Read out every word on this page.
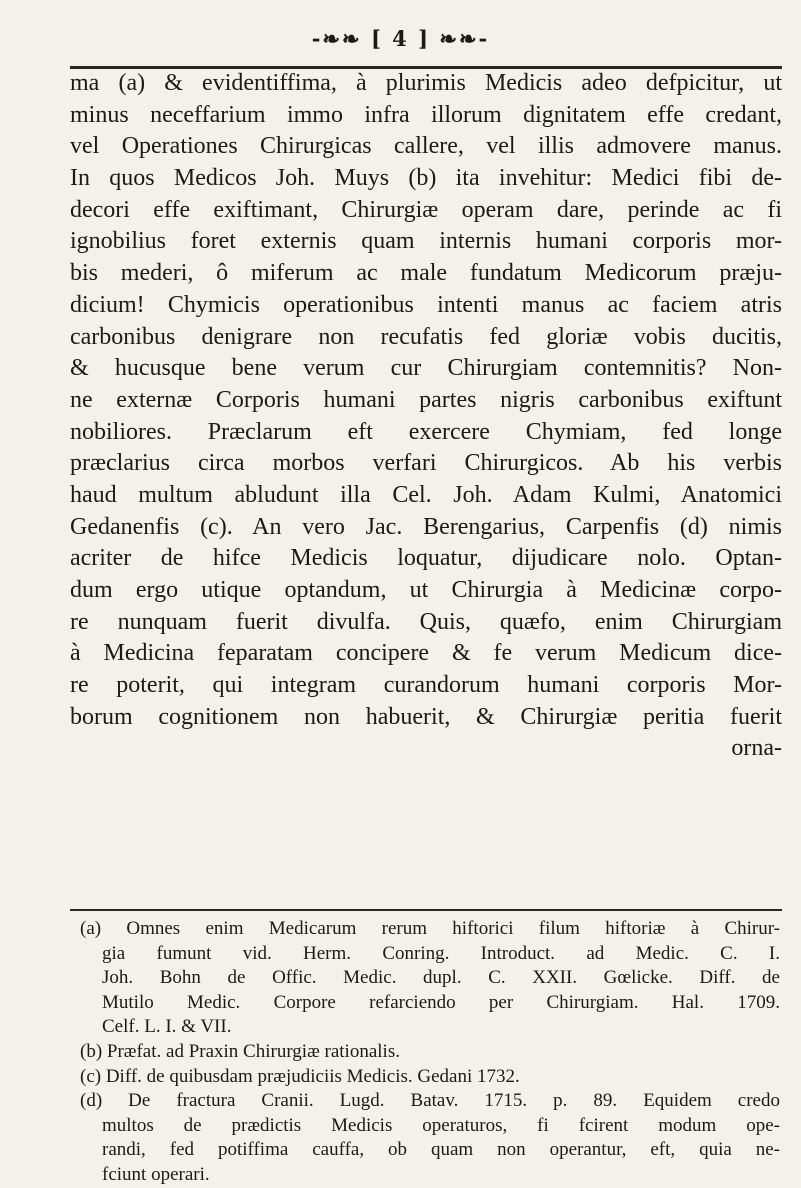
-❧❧ [ 4 ] ❧❧-
ma (a) & evidentiffima, à plurimis Medicis adeo defpicitur, ut
minus neceffarium immo infra illorum dignitatem effe credant,
vel Operationes Chirurgicas callere, vel illis admovere manus.
In quos Medicos Joh. Muys (b) ita invehitur: Medici fibi de-
decori effe exiftimant, Chirurgiæ operam dare, perinde ac fi
ignobilius foret externis quam internis humani corporis mor-
bis mederi, ô miferum ac male fundatum Medicorum præju-
dicium! Chymicis operationibus intenti manus ac faciem atris
carbonibus denigrare non recufatis fed gloriæ vobis ducitis,
& hucusque bene verum cur Chirurgiam contemnitis? Non-
ne externæ Corporis humani partes nigris carbonibus exiftunt
nobiliores. Præclarum eft exercere Chymiam, fed longe
præclarius circa morbos verfari Chirurgicos. Ab his verbis
haud multum abludunt illa Cel. Joh. Adam Kulmi, Anatomici
Gedanenfis (c). An vero Jac. Berengarius, Carpenfis (d) nimis
acriter de hifce Medicis loquatur, dijudicare nolo. Optan-
dum ergo utique optandum, ut Chirurgia à Medicinæ corpo-
re nunquam fuerit divulfa. Quis, quæfo, enim Chirurgiam
à Medicina feparatam concipere & fe verum Medicum dice-
re poterit, qui integram curandorum humani corporis Mor-
borum cognitionem non habuerit, & Chirurgiæ peritia fuerit
orna-
(a) Omnes enim Medicarum rerum hiftorici filum hiftoriæ à Chirur-
gia fumunt vid. Herm. Conring. Introduct. ad Medic. C. I.
Joh. Bohn de Offic. Medic. dupl. C. XXII. Gœlicke. Diff. de
Mutilo Medic. Corpore refarciendo per Chirurgiam. Hal. 1709.
Celf. L. I. & VII.
(b) Præfat. ad Praxin Chirurgiæ rationalis.
(c) Diff. de quibusdam præjudiciis Medicis. Gedani 1732.
(d) De fractura Cranii. Lugd. Batav. 1715. p. 89. Equidem credo
multos de prædictis Medicis operaturos, fi fcirent modum ope-
randi, fed potiffima cauffa, ob quam non operantur, eft, quia ne-
fciunt operari.
